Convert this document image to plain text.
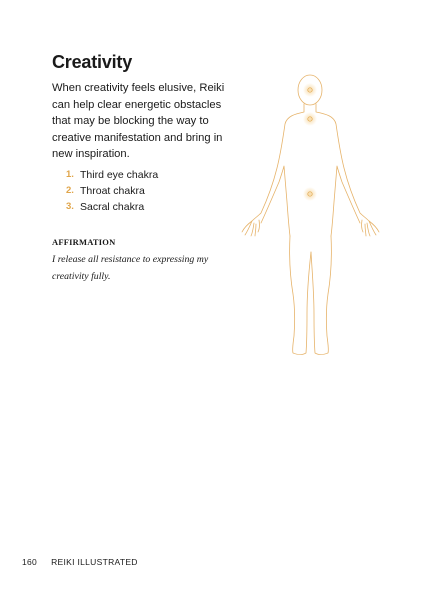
Creativity

When creativity feels elusive, Reiki can help clear energetic obstacles that may be blocking the way to creative manifestation and bring in new inspiration.

1. Third eye chakra
2. Throat chakra
3. Sacral chakra
AFFIRMATION

I release all resistance to expressing my creativity fully.

160 REIKI ILLUSTRATED
